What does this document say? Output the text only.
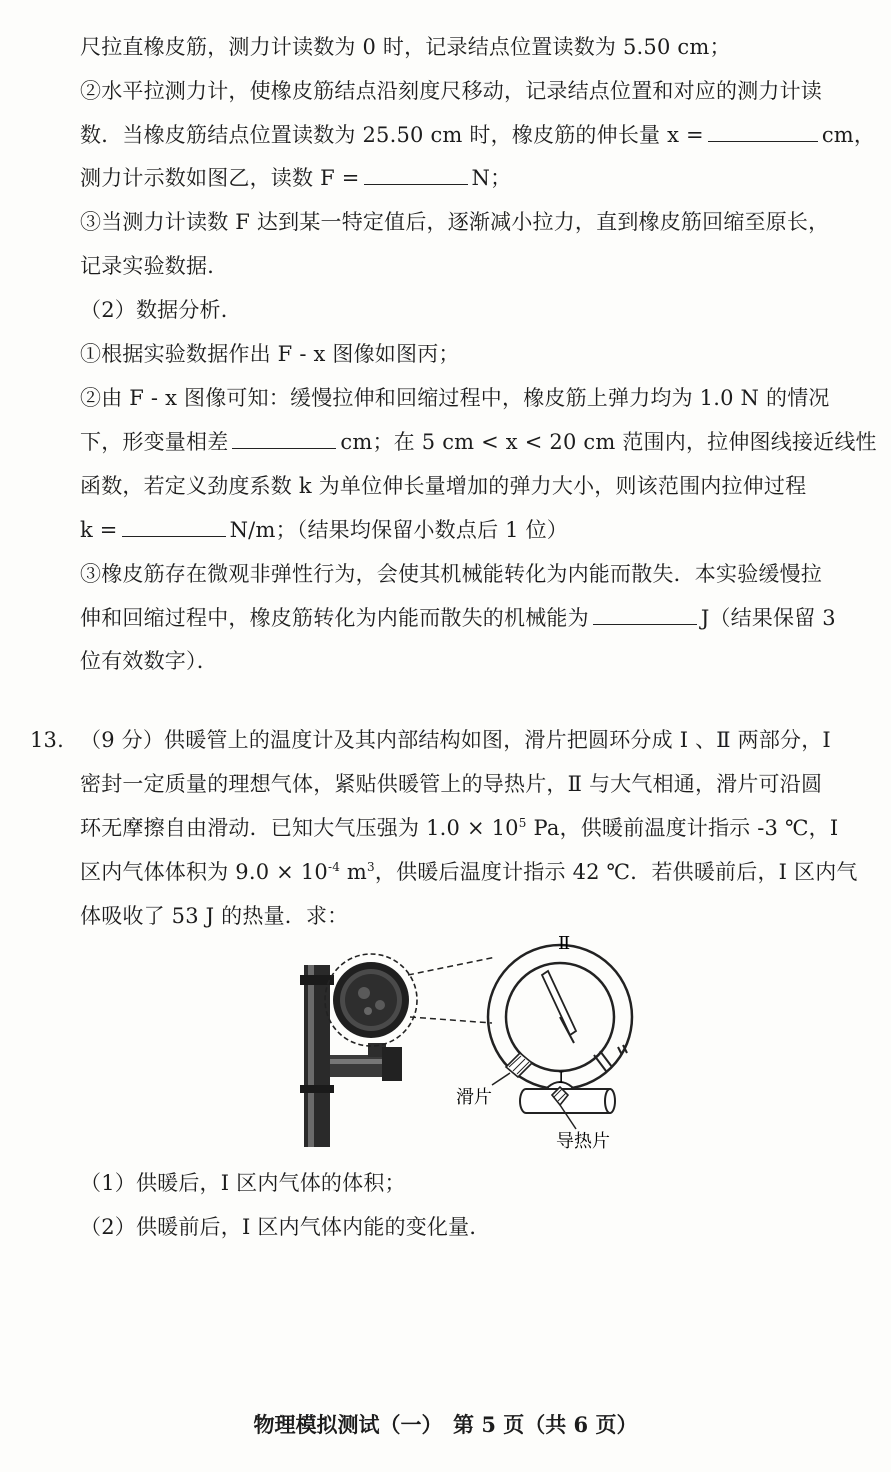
尺拉直橡皮筋，测力计读数为 0 时，记录结点位置读数为 5.50 cm；
②水平拉测力计，使橡皮筋结点沿刻度尺移动，记录结点位置和对应的测力计读
数．当橡皮筋结点位置读数为 25.50 cm 时，橡皮筋的伸长量 x =	cm，
测力计示数如图乙，读数 F =	N；
③当测力计读数 F 达到某一特定值后，逐渐减小拉力，直到橡皮筋回缩至原长，
记录实验数据．
（2）数据分析．
①根据实验数据作出 F - x 图像如图丙；
②由 F - x 图像可知：缓慢拉伸和回缩过程中，橡皮筋上弹力均为 1.0 N 的情况
下，形变量相差	cm；在 5 cm < x < 20 cm 范围内，拉伸图线接近线性
函数，若定义劲度系数 k 为单位伸长量增加的弹力大小，则该范围内拉伸过程
k =	N/m；（结果均保留小数点后 1 位）
③橡皮筋存在微观非弹性行为，会使其机械能转化为内能而散失．本实验缓慢拉
伸和回缩过程中，橡皮筋转化为内能而散失的机械能为	J（结果保留 3
位有效数字）．
13. （9 分）供暖管上的温度计及其内部结构如图，滑片把圆环分成 Ⅰ 、Ⅱ 两部分，Ⅰ
密封一定质量的理想气体，紧贴供暖管上的导热片，Ⅱ 与大气相通，滑片可沿圆
环无摩擦自由滑动．已知大气压强为 $1.0 \times 10^5$ Pa，供暖前温度计指示 -3 ℃，Ⅰ
区内气体体积为 $9.0 \times 10^{-4}$ $m^3$，供暖后温度计指示 42 ℃．若供暖前后，Ⅰ 区内气
体吸收了 53 J 的热量．求：
Ⅱ
Ⅰ
滑片
导热片
（1）供暖后，Ⅰ 区内气体的体积；
（2）供暖前后，Ⅰ 区内气体内能的变化量．
物理模拟测试（一）　第 5 页（共 6 页）
